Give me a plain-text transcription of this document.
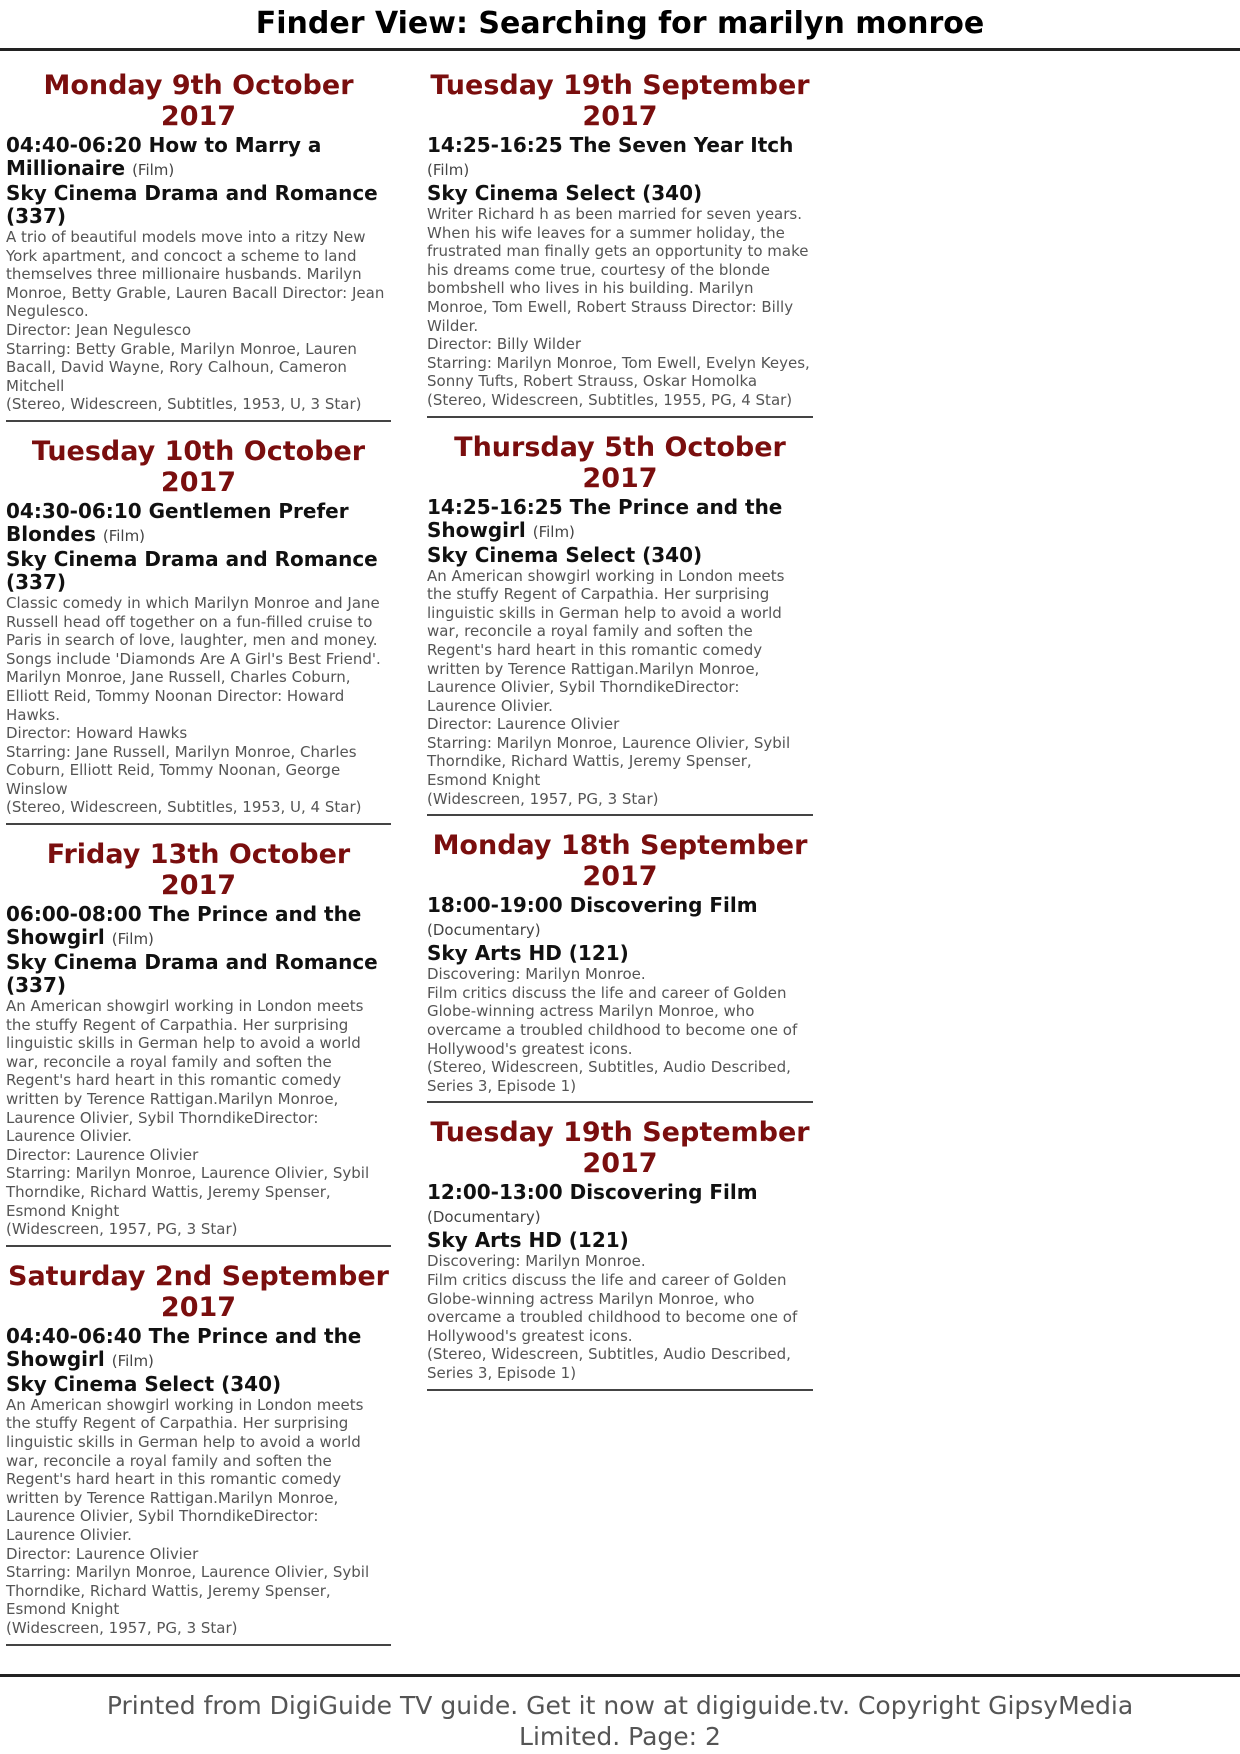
Finder View: Searching for marilyn monroe
Monday 9th October 2017
04:40-06:20 How to Marry a Millionaire (Film)
Sky Cinema Drama and Romance (337)
A trio of beautiful models move into a ritzy New York apartment, and concoct a scheme to land themselves three millionaire husbands. Marilyn Monroe, Betty Grable, Lauren Bacall Director: Jean Negulesco.
Director: Jean Negulesco
Starring: Betty Grable, Marilyn Monroe, Lauren Bacall, David Wayne, Rory Calhoun, Cameron Mitchell
(Stereo, Widescreen, Subtitles, 1953, U, 3 Star)
Tuesday 10th October 2017
04:30-06:10 Gentlemen Prefer Blondes (Film)
Sky Cinema Drama and Romance (337)
Classic comedy in which Marilyn Monroe and Jane Russell head off together on a fun-filled cruise to Paris in search of love, laughter, men and money. Songs include 'Diamonds Are A Girl's Best Friend'. Marilyn Monroe, Jane Russell, Charles Coburn, Elliott Reid, Tommy Noonan Director: Howard Hawks.
Director: Howard Hawks
Starring: Jane Russell, Marilyn Monroe, Charles Coburn, Elliott Reid, Tommy Noonan, George Winslow
(Stereo, Widescreen, Subtitles, 1953, U, 4 Star)
Friday 13th October 2017
06:00-08:00 The Prince and the Showgirl (Film)
Sky Cinema Drama and Romance (337)
An American showgirl working in London meets the stuffy Regent of Carpathia. Her surprising linguistic skills in German help to avoid a world war, reconcile a royal family and soften the Regent's hard heart in this romantic comedy written by Terence Rattigan.Marilyn Monroe, Laurence Olivier, Sybil ThorndikeDirector: Laurence Olivier.
Director: Laurence Olivier
Starring: Marilyn Monroe, Laurence Olivier, Sybil Thorndike, Richard Wattis, Jeremy Spenser, Esmond Knight
(Widescreen, 1957, PG, 3 Star)
Saturday 2nd September 2017
04:40-06:40 The Prince and the Showgirl (Film)
Sky Cinema Select (340)
An American showgirl working in London meets the stuffy Regent of Carpathia. Her surprising linguistic skills in German help to avoid a world war, reconcile a royal family and soften the Regent's hard heart in this romantic comedy written by Terence Rattigan.Marilyn Monroe, Laurence Olivier, Sybil ThorndikeDirector: Laurence Olivier.
Director: Laurence Olivier
Starring: Marilyn Monroe, Laurence Olivier, Sybil Thorndike, Richard Wattis, Jeremy Spenser, Esmond Knight
(Widescreen, 1957, PG, 3 Star)
Tuesday 19th September 2017
14:25-16:25 The Seven Year Itch (Film)
Sky Cinema Select (340)
Writer Richard h as been married for seven years. When his wife leaves for a summer holiday, the frustrated man finally gets an opportunity to make his dreams come true, courtesy of the blonde bombshell who lives in his building. Marilyn Monroe, Tom Ewell, Robert Strauss Director: Billy Wilder.
Director: Billy Wilder
Starring: Marilyn Monroe, Tom Ewell, Evelyn Keyes, Sonny Tufts, Robert Strauss, Oskar Homolka
(Stereo, Widescreen, Subtitles, 1955, PG, 4 Star)
Thursday 5th October 2017
14:25-16:25 The Prince and the Showgirl (Film)
Sky Cinema Select (340)
An American showgirl working in London meets the stuffy Regent of Carpathia. Her surprising linguistic skills in German help to avoid a world war, reconcile a royal family and soften the Regent's hard heart in this romantic comedy written by Terence Rattigan.Marilyn Monroe, Laurence Olivier, Sybil ThorndikeDirector: Laurence Olivier.
Director: Laurence Olivier
Starring: Marilyn Monroe, Laurence Olivier, Sybil Thorndike, Richard Wattis, Jeremy Spenser, Esmond Knight
(Widescreen, 1957, PG, 3 Star)
Monday 18th September 2017
18:00-19:00 Discovering Film (Documentary)
Sky Arts HD (121)
Discovering: Marilyn Monroe.
Film critics discuss the life and career of Golden Globe-winning actress Marilyn Monroe, who overcame a troubled childhood to become one of Hollywood's greatest icons.
(Stereo, Widescreen, Subtitles, Audio Described, Series 3, Episode 1)
Tuesday 19th September 2017
12:00-13:00 Discovering Film (Documentary)
Sky Arts HD (121)
Discovering: Marilyn Monroe.
Film critics discuss the life and career of Golden Globe-winning actress Marilyn Monroe, who overcame a troubled childhood to become one of Hollywood's greatest icons.
(Stereo, Widescreen, Subtitles, Audio Described, Series 3, Episode 1)
Printed from DigiGuide TV guide. Get it now at digiguide.tv. Copyright GipsyMedia Limited. Page: 2
